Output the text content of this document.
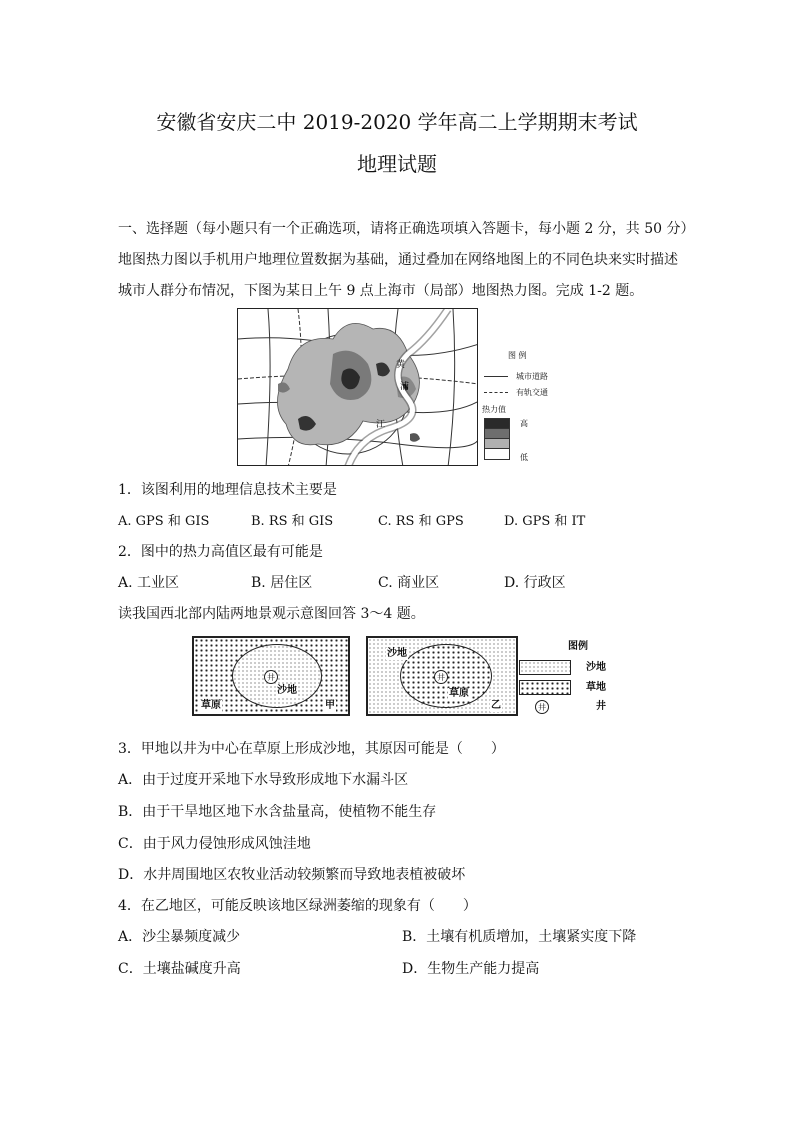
安徽省安庆二中 2019-2020 学年高二上学期期末考试
地理试题
一、选择题（每小题只有一个正确选项，请将正确选项填入答题卡，每小题 2 分，共 50 分）
地图热力图以手机用户地理位置数据为基础，通过叠加在网络地图上的不同色块来实时描述
城市人群分布情况，下图为某日上午 9 点上海市（局部）地图热力图。完成 1-2 题。
黄
浦
江
图 例
城市道路
有轨交通
热力值
高
低
1．该图利用的地理信息技术主要是
A. GPS 和 GIS	B. RS 和 GIS	C. RS 和 GPS	D. GPS 和 IT
2．图中的热力高值区最有可能是
A. 工业区	B. 居住区	C. 商业区	D. 行政区
读我国西北部内陆两地景观示意图回答 3～4 题。
井
沙地
草原	甲
井
草原
沙地
乙
图例
沙地
草地
井	井
3．甲地以井为中心在草原上形成沙地，其原因可能是（　　）
A．由于过度开采地下水导致形成地下水漏斗区
B．由于干旱地区地下水含盐量高，使植物不能生存
C．由于风力侵蚀形成风蚀洼地
D．水井周围地区农牧业活动较频繁而导致地表植被破坏
4．在乙地区，可能反映该地区绿洲萎缩的现象有（　　）
A．沙尘暴频度减少	B．土壤有机质增加，土壤紧实度下降
C．土壤盐碱度升高	D．生物生产能力提高
